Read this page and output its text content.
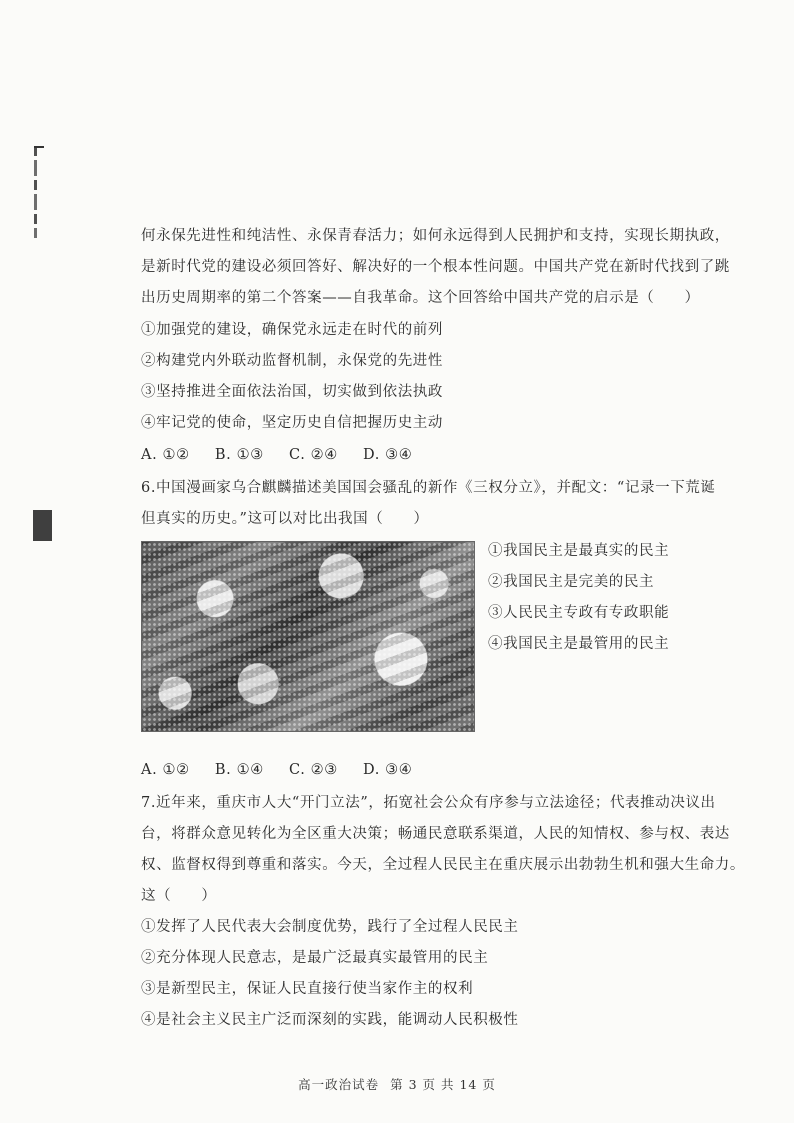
何永保先进性和纯洁性、永保青春活力；如何永远得到人民拥护和支持，实现长期执政，
是新时代党的建设必须回答好、解决好的一个根本性问题。中国共产党在新时代找到了跳
出历史周期率的第二个答案——自我革命。这个回答给中国共产党的启示是（　　）
①加强党的建设，确保党永远走在时代的前列
②构建党内外联动监督机制，永保党的先进性
③坚持推进全面依法治国，切实做到依法执政
④牢记党的使命，坚定历史自信把握历史主动
A. ①② B. ①③ C. ②④ D. ③④
6.中国漫画家乌合麒麟描述美国国会骚乱的新作《三权分立》，并配文：“记录一下荒诞
但真实的历史。”这可以对比出我国（　　）
①我国民主是最真实的民主
②我国民主是完美的民主
③人民民主专政有专政职能
④我国民主是最管用的民主
A. ①② B. ①④ C. ②③ D. ③④
7.近年来，重庆市人大“开门立法”，拓宽社会公众有序参与立法途径；代表推动决议出
台，将群众意见转化为全区重大决策；畅通民意联系渠道，人民的知情权、参与权、表达
权、监督权得到尊重和落实。今天，全过程人民民主在重庆展示出勃勃生机和强大生命力。
这（　　）
①发挥了人民代表大会制度优势，践行了全过程人民民主
②充分体现人民意志，是最广泛最真实最管用的民主
③是新型民主，保证人民直接行使当家作主的权利
④是社会主义民主广泛而深刻的实践，能调动人民积极性
高一政治试卷 第 3 页 共 14 页
